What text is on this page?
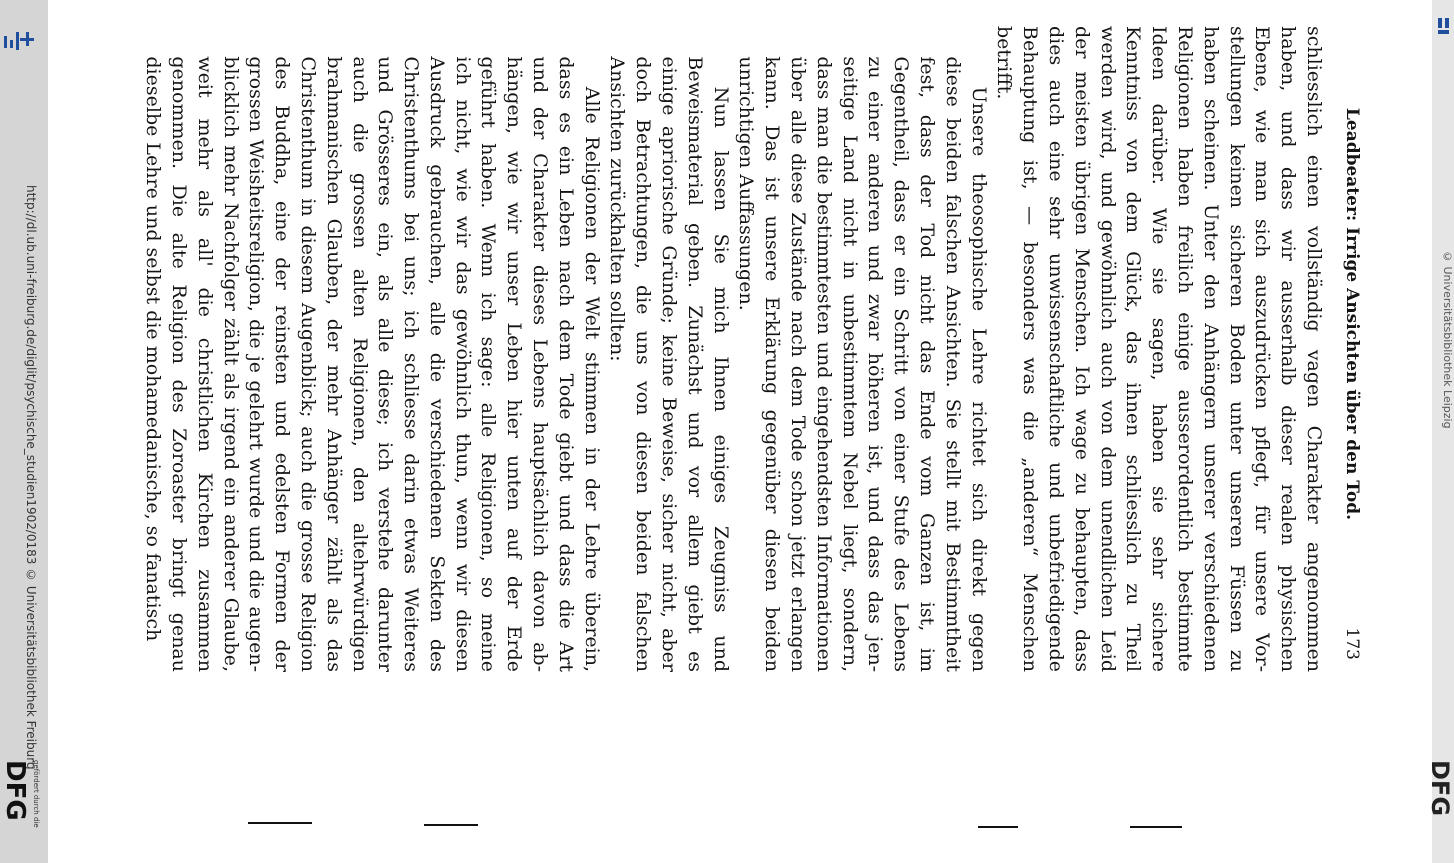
http://dl.ub.uni-freiburg.de/diglit/psychische_studien1902/0183 © Universitätsbibliothek Freiburg
DFG gefördert durch die
© Universitätsbibliothek Leipzig
DFG
Leadbeater: Irrige Ansichten über den Tod.
173
schliesslich einen vollständig vagen Charakter angenommen
haben, und dass wir ausserhalb dieser realen physischen
Ebene, wie man sich auszudrücken pflegt, für unsere Vor-
stellungen keinen sicheren Boden unter unseren Füssen zu
haben scheinen. Unter den Anhängern unserer verschiedenen
Religionen haben freilich einige ausserordentlich bestimmte
Ideen darüber. Wie sie sagen, haben sie sehr sichere
Kenntniss von dem Glück, das ihnen schliesslich zu Theil
werden wird, und gewöhnlich auch von dem unendlichen Leid
der meisten übrigen Menschen. Ich wage zu behaupten, dass
dies auch eine sehr unwissenschaftliche und unbefriedigende
Behauptung ist, — besonders was die „anderen“ Menschen
betrifft.
Unsere theosophische Lehre richtet sich direkt gegen
diese beiden falschen Ansichten. Sie stellt mit Bestimmtheit
fest, dass der Tod nicht das Ende vom Ganzen ist, im
Gegentheil, dass er ein Schritt von einer Stufe des Lebens
zu einer anderen und zwar höheren ist, und dass das jen-
seitige Land nicht in unbestimmtem Nebel liegt, sondern,
dass man die bestimmtesten und eingehendsten Informationen
über alle diese Zustände nach dem Tode schon jetzt erlangen
kann. Das ist unsere Erklärung gegenüber diesen beiden
unrichtigen Auffassungen.
Nun lassen Sie mich Ihnen einiges Zeugniss und
Beweismaterial geben. Zunächst und vor allem giebt es
einige apriorische Gründe; keine Beweise, sicher nicht, aber
doch Betrachtungen, die uns von diesen beiden falschen
Ansichten zurückhalten sollten:
Alle Religionen der Welt stimmen in der Lehre überein,
dass es ein Leben nach dem Tode giebt und dass die Art
und der Charakter dieses Lebens hauptsächlich davon ab-
hängen, wie wir unser Leben hier unten auf der Erde
geführt haben. Wenn ich sage: alle Religionen, so meine
ich nicht, wie wir das gewöhnlich thun, wenn wir diesen
Ausdruck gebrauchen, alle die verschiedenen Sekten des
Christenthums bei uns; ich schliesse darin etwas Weiteres
und Grösseres ein, als alle diese; ich verstehe darunter
auch die grossen alten Religionen, den altehrwürdigen
brahmanischen Glauben, der mehr Anhänger zählt als das
Christenthum in diesem Augenblick; auch die grosse Religion
des Buddha, eine der reinsten und edelsten Formen der
grossen Weisheitsreligion, die je gelehrt wurde und die augen-
blicklich mehr Nachfolger zählt als irgend ein anderer Glaube,
weit mehr als all' die christlichen Kirchen zusammen
genommen. Die alte Religion des Zoroaster bringt genau
dieselbe Lehre und selbst die mohamedanische, so fanatisch
